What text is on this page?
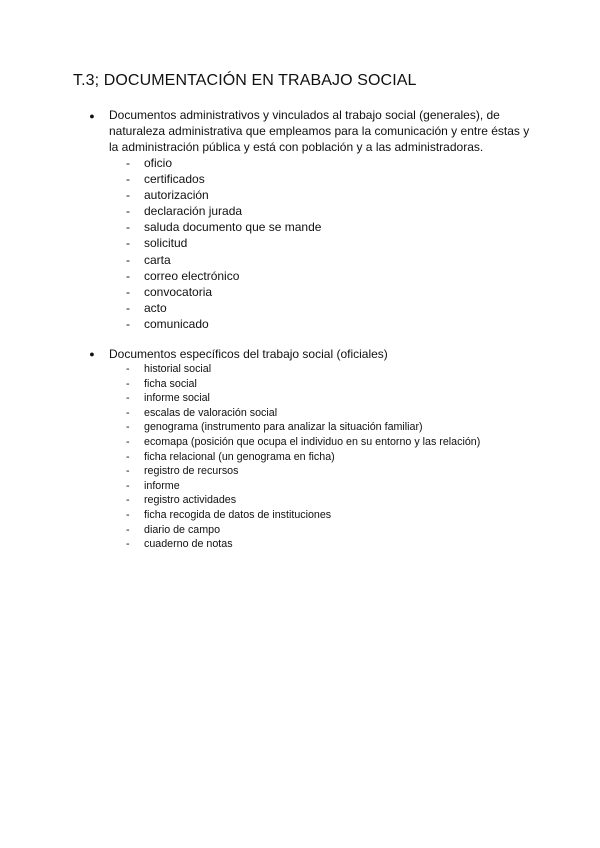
T.3; DOCUMENTACIÓN EN TRABAJO SOCIAL
● Documentos administrativos y vinculados al trabajo social (generales), de naturaleza administrativa que empleamos para la comunicación y entre éstas y la administración pública y está con población y a las administradoras.

- oficio
- certificados
- autorización
- declaración jurada
- saluda documento que se mande
- solicitud
- carta
- correo electrónico
- convocatoria
- acto
- comunicado
● Documentos específicos del trabajo social (oficiales)

- historial social
- ficha social
- informe social
- escalas de valoración social
- genograma (instrumento para analizar la situación familiar)
- ecomapa (posición que ocupa el individuo en su entorno y las relación)
- ficha relacional (un genograma en ficha)
- registro de recursos
- informe
- registro actividades
- ficha recogida de datos de instituciones
- diario de campo
- cuaderno de notas
